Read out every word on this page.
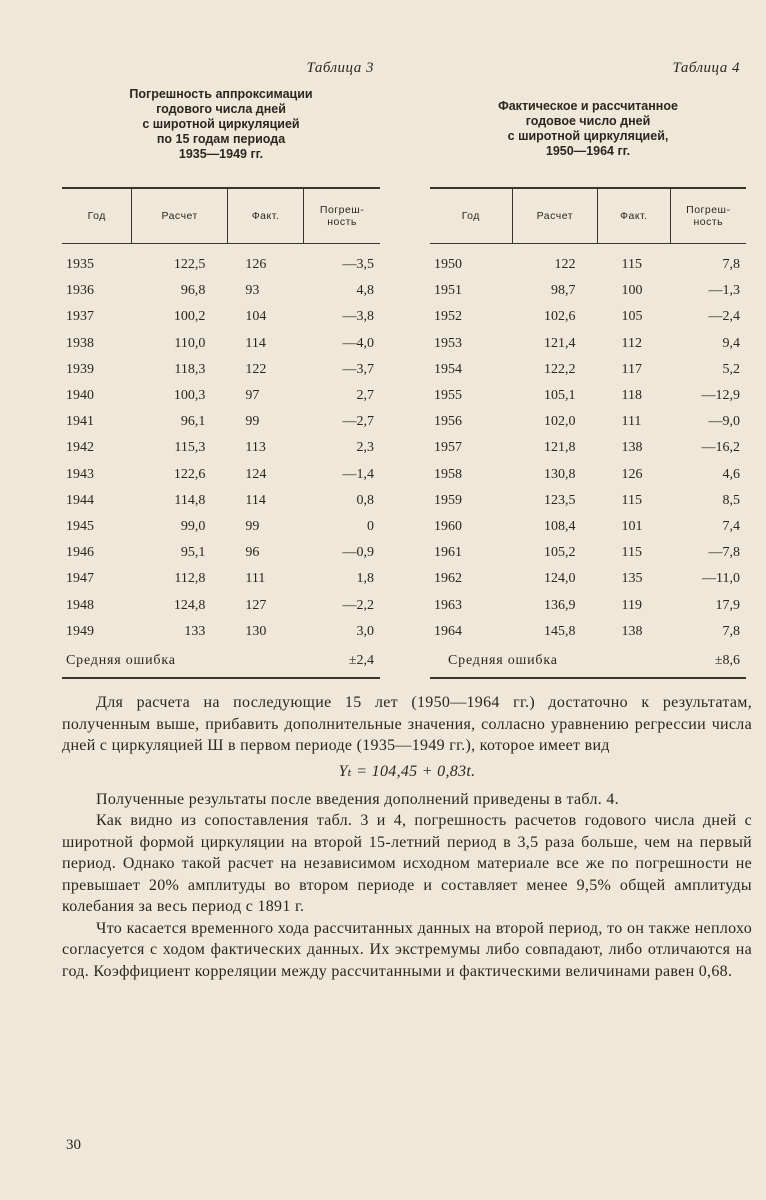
Таблица 3
Погрешность аппроксимации
годового числа дней
с широтной циркуляцией
по 15 годам периода
1935—1949 гг.
Год	Расчет	Факт.	Погреш-
ность
1935	122,5	126	—3,5
1936	96,8	93	4,8
1937	100,2	104	—3,8
1938	110,0	114	—4,0
1939	118,3	122	—3,7
1940	100,3	97	2,7
1941	96,1	99	—2,7
1942	115,3	113	2,3
1943	122,6	124	—1,4
1944	114,8	114	0,8
1945	99,0	99	0
1946	95,1	96	—0,9
1947	112,8	111	1,8
1948	124,8	127	—2,2
1949	133	130	3,0
Средняя ошибка			±2,4
Таблица 4
Фактическое и рассчитанное
годовое число дней
с широтной циркуляцией,
1950—1964 гг.
Год	Расчет	Факт.	Погреш-
ность
1950	122	115	7,8
1951	98,7	100	—1,3
1952	102,6	105	—2,4
1953	121,4	112	9,4
1954	122,2	117	5,2
1955	105,1	118	—12,9
1956	102,0	111	—9,0
1957	121,8	138	—16,2
1958	130,8	126	4,6
1959	123,5	115	8,5
1960	108,4	101	7,4
1961	105,2	115	—7,8
1962	124,0	135	—11,0
1963	136,9	119	17,9
1964	145,8	138	7,8
Средняя ошибка			±8,6

Для расчета на последующие 15 лет (1950—1964 гг.) достаточно к результатам, полученным выше, прибавить дополнительные значения, солласно уравнению регрессии числа дней с циркуляцией Ш в первом периоде (1935—1949 гг.), которое имеет вид

Yₜ = 104,45 + 0,83t.

Полученные результаты после введения дополнений приведены в табл. 4.

Как видно из сопоставления табл. 3 и 4, погрешность расчетов годового числа дней с широтной формой циркуляции на второй 15-летний период в 3,5 раза больше, чем на первый период. Однако такой расчет на независимом исходном материале все же по погрешности не превышает 20% амплитуды во втором периоде и составляет менее 9,5% общей амплитуды колебания за весь период с 1891 г.

Что касается временного хода рассчитанных данных на второй период, то он также неплохо согласуется с ходом фактических данных. Их экстремумы либо совпадают, либо отличаются на год. Коэффициент корреляции между рассчитанными и фактическими величинами равен 0,68.

30
